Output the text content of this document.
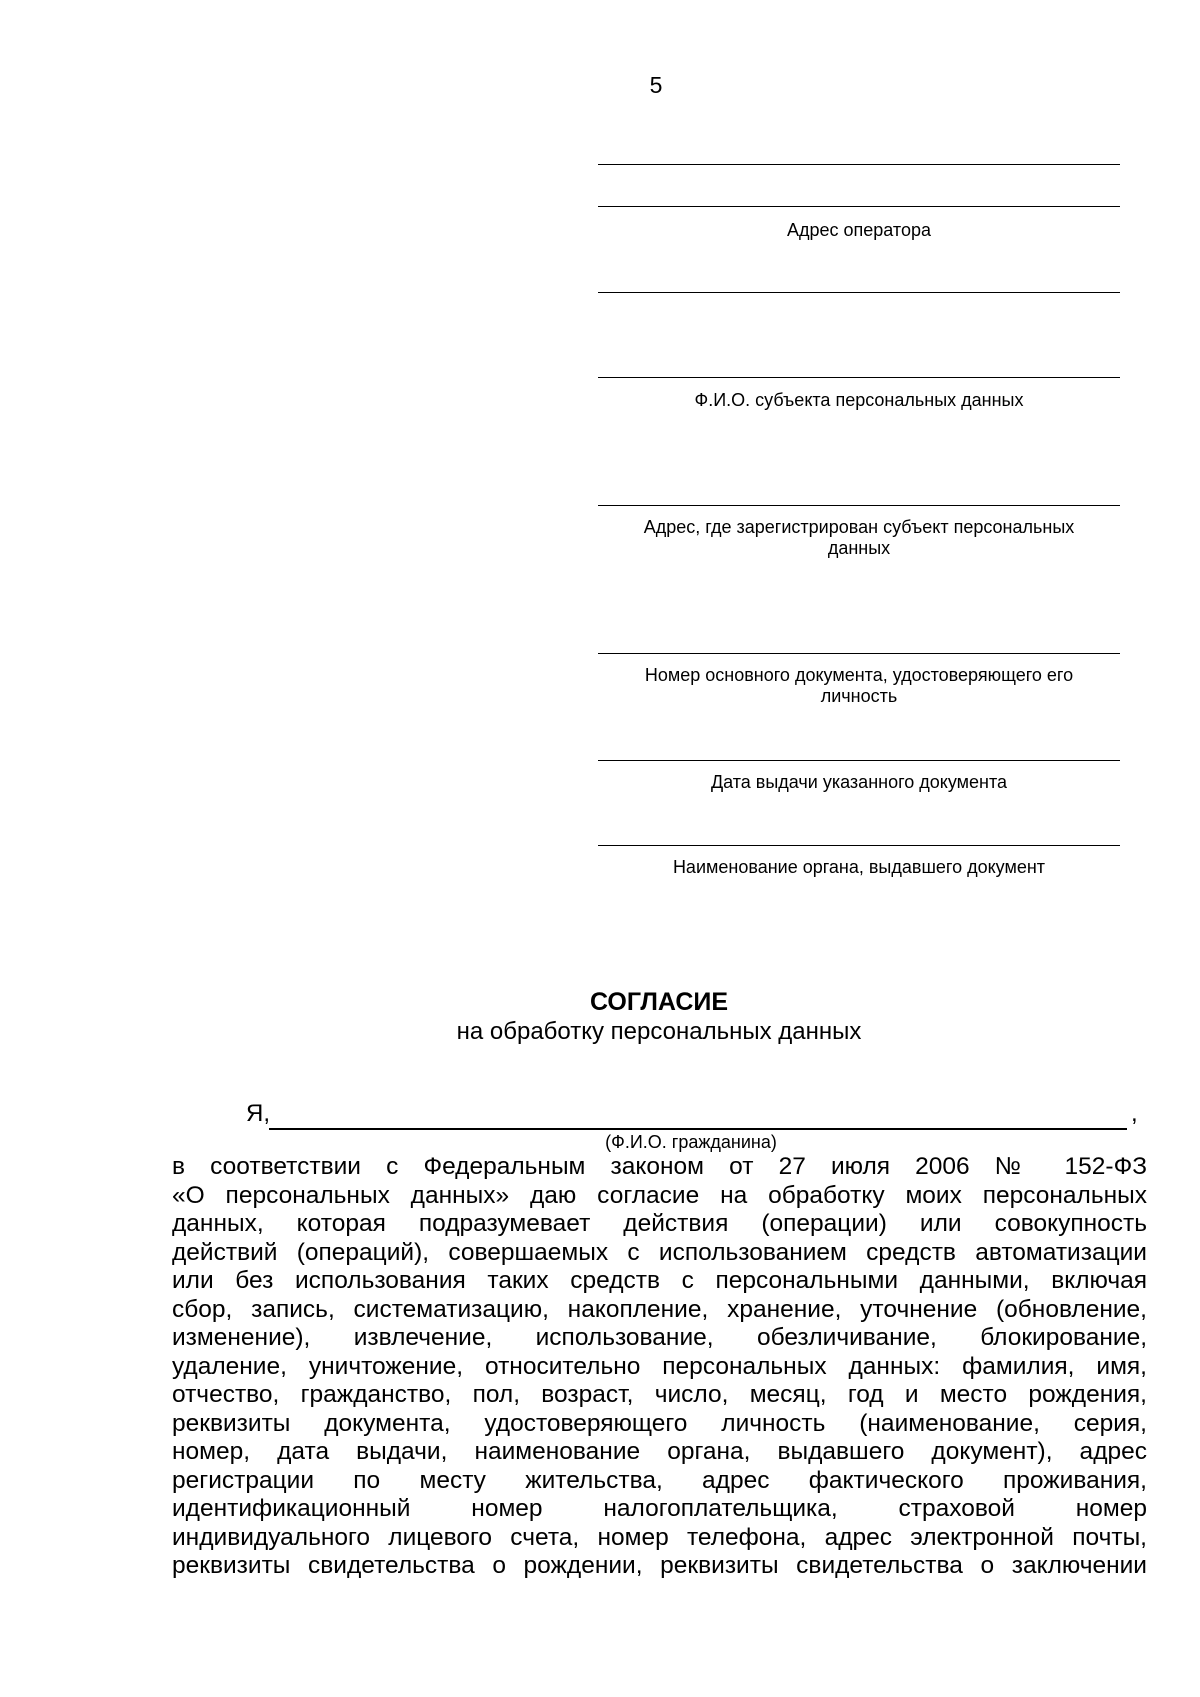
5
Адрес оператора
Ф.И.О. субъекта персональных данных
Адрес, где зарегистрирован субъект персональных
данных
Номер основного документа, удостоверяющего его
личность
Дата выдачи указанного документа
Наименование органа, выдавшего документ
СОГЛАСИЕ
на обработку персональных данных
Я,	,
(Ф.И.О. гражданина)
в соответствии с Федеральным законом от 27 июля 2006 № 152-ФЗ
«О персональных данных» даю согласие на обработку моих персональных
данных, которая подразумевает действия (операции) или совокупность
действий (операций), совершаемых с использованием средств автоматизации
или без использования таких средств с персональными данными, включая
сбор, запись, систематизацию, накопление, хранение, уточнение (обновление,
изменение), извлечение, использование, обезличивание, блокирование,
удаление, уничтожение, относительно персональных данных: фамилия, имя,
отчество, гражданство, пол, возраст, число, месяц, год и место рождения,
реквизиты документа, удостоверяющего личность (наименование, серия,
номер, дата выдачи, наименование органа, выдавшего документ), адрес
регистрации по месту жительства, адрес фактического проживания,
идентификационный номер налогоплательщика, страховой номер
индивидуального лицевого счета, номер телефона, адрес электронной почты,
реквизиты свидетельства о рождении, реквизиты свидетельства о заключении
